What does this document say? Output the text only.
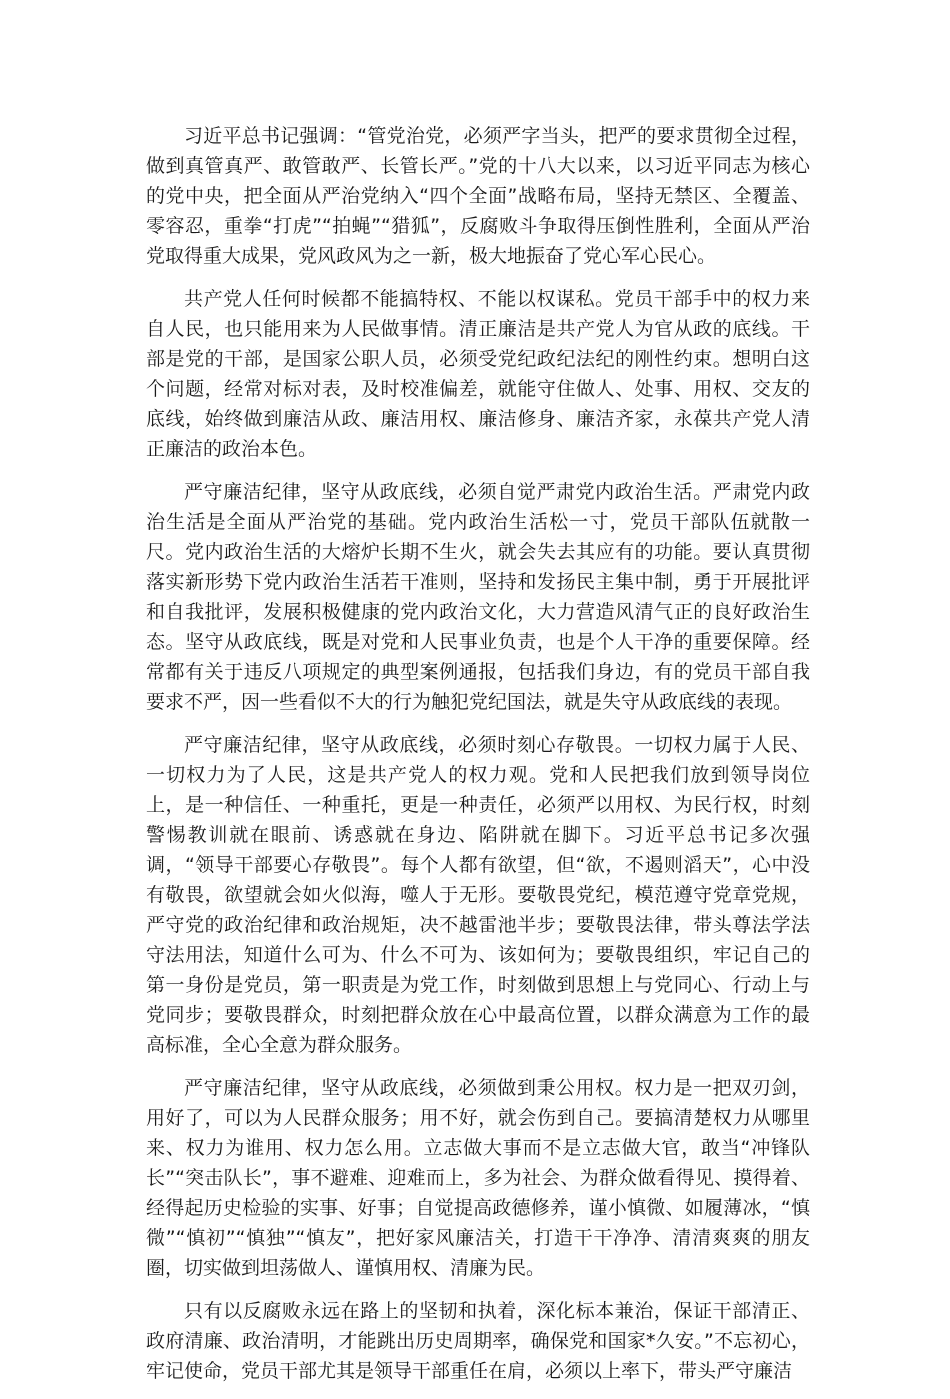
习近平总书记强调：“管党治党，必须严字当头，把严的要求贯彻全过程，做到真管真严、敢管敢严、长管长严。”党的十八大以来，以习近平同志为核心的党中央，把全面从严治党纳入“四个全面”战略布局，坚持无禁区、全覆盖、零容忍，重拳“打虎”“拍蝇”“猎狐”，反腐败斗争取得压倒性胜利，全面从严治党取得重大成果，党风政风为之一新，极大地振奋了党心军心民心。

共产党人任何时候都不能搞特权、不能以权谋私。党员干部手中的权力来自人民，也只能用来为人民做事情。清正廉洁是共产党人为官从政的底线。干部是党的干部，是国家公职人员，必须受党纪政纪法纪的刚性约束。想明白这个问题，经常对标对表，及时校准偏差，就能守住做人、处事、用权、交友的底线，始终做到廉洁从政、廉洁用权、廉洁修身、廉洁齐家，永葆共产党人清正廉洁的政治本色。

严守廉洁纪律，坚守从政底线，必须自觉严肃党内政治生活。严肃党内政治生活是全面从严治党的基础。党内政治生活松一寸，党员干部队伍就散一尺。党内政治生活的大熔炉长期不生火，就会失去其应有的功能。要认真贯彻落实新形势下党内政治生活若干准则，坚持和发扬民主集中制，勇于开展批评和自我批评，发展积极健康的党内政治文化，大力营造风清气正的良好政治生态。坚守从政底线，既是对党和人民事业负责，也是个人干净的重要保障。经常都有关于违反八项规定的典型案例通报，包括我们身边，有的党员干部自我要求不严，因一些看似不大的行为触犯党纪国法，就是失守从政底线的表现。

严守廉洁纪律，坚守从政底线，必须时刻心存敬畏。一切权力属于人民、一切权力为了人民，这是共产党人的权力观。党和人民把我们放到领导岗位上，是一种信任、一种重托，更是一种责任，必须严以用权、为民行权，时刻警惕教训就在眼前、诱惑就在身边、陷阱就在脚下。习近平总书记多次强调，“领导干部要心存敬畏”。每个人都有欲望，但“欲，不遏则滔天”，心中没有敬畏，欲望就会如火似海，噬人于无形。要敬畏党纪，模范遵守党章党规，严守党的政治纪律和政治规矩，决不越雷池半步；要敬畏法律，带头尊法学法守法用法，知道什么可为、什么不可为、该如何为；要敬畏组织，牢记自己的第一身份是党员，第一职责是为党工作，时刻做到思想上与党同心、行动上与党同步；要敬畏群众，时刻把群众放在心中最高位置，以群众满意为工作的最高标准，全心全意为群众服务。

严守廉洁纪律，坚守从政底线，必须做到秉公用权。权力是一把双刃剑，用好了，可以为人民群众服务；用不好，就会伤到自己。要搞清楚权力从哪里来、权力为谁用、权力怎么用。立志做大事而不是立志做大官，敢当“冲锋队长”“突击队长”，事不避难、迎难而上，多为社会、为群众做看得见、摸得着、经得起历史检验的实事、好事；自觉提高政德修养，谨小慎微、如履薄冰，“慎微”“慎初”“慎独”“慎友”，把好家风廉洁关，打造干干净净、清清爽爽的朋友圈，切实做到坦荡做人、谨慎用权、清廉为民。

只有以反腐败永远在路上的坚韧和执着，深化标本兼治，保证干部清正、政府清廉、政治清明，才能跳出历史周期率，确保党和国家*久安。”不忘初心，牢记使命，党员干部尤其是领导干部重任在肩，必须以上率下，带头严守廉洁
